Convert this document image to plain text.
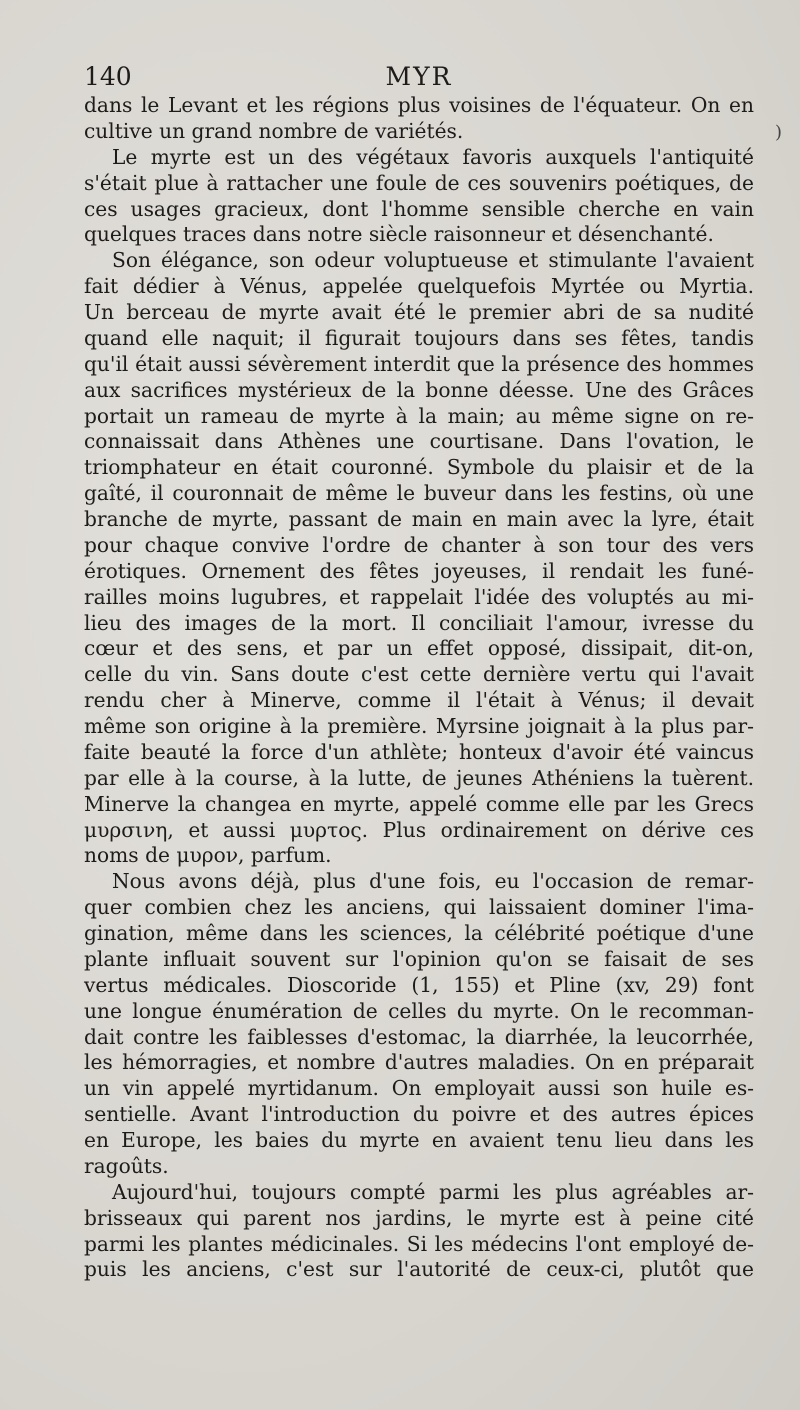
140	MYR
)
dans le Levant et les régions plus voisines de l'équateur. On en
cultive un grand nombre de variétés.
Le myrte est un des végétaux favoris auxquels l'antiquité
s'était plue à rattacher une foule de ces souvenirs poétiques, de
ces usages gracieux, dont l'homme sensible cherche en vain
quelques traces dans notre siècle raisonneur et désenchanté.
Son élégance, son odeur voluptueuse et stimulante l'avaient
fait dédier à Vénus, appelée quelquefois Myrtée ou Myrtia.
Un berceau de myrte avait été le premier abri de sa nudité
quand elle naquit; il figurait toujours dans ses fêtes, tandis
qu'il était aussi sévèrement interdit que la présence des hommes
aux sacrifices mystérieux de la bonne déesse. Une des Grâces
portait un rameau de myrte à la main; au même signe on re-
connaissait dans Athènes une courtisane. Dans l'ovation, le
triomphateur en était couronné. Symbole du plaisir et de la
gaîté, il couronnait de même le buveur dans les festins, où une
branche de myrte, passant de main en main avec la lyre, était
pour chaque convive l'ordre de chanter à son tour des vers
érotiques. Ornement des fêtes joyeuses, il rendait les funé-
railles moins lugubres, et rappelait l'idée des voluptés au mi-
lieu des images de la mort. Il conciliait l'amour, ivresse du
cœur et des sens, et par un effet opposé, dissipait, dit-on,
celle du vin. Sans doute c'est cette dernière vertu qui l'avait
rendu cher à Minerve, comme il l'était à Vénus; il devait
même son origine à la première. Myrsine joignait à la plus par-
faite beauté la force d'un athlète; honteux d'avoir été vaincus
par elle à la course, à la lutte, de jeunes Athéniens la tuèrent.
Minerve la changea en myrte, appelé comme elle par les Grecs
μυρσινη, et aussi μυρτος. Plus ordinairement on dérive ces
noms de μυρον, parfum.
Nous avons déjà, plus d'une fois, eu l'occasion de remar-
quer combien chez les anciens, qui laissaient dominer l'ima-
gination, même dans les sciences, la célébrité poétique d'une
plante influait souvent sur l'opinion qu'on se faisait de ses
vertus médicales. Dioscoride (1, 155) et Pline (xv, 29) font
une longue énumération de celles du myrte. On le recomman-
dait contre les faiblesses d'estomac, la diarrhée, la leucorrhée,
les hémorragies, et nombre d'autres maladies. On en préparait
un vin appelé myrtidanum. On employait aussi son huile es-
sentielle. Avant l'introduction du poivre et des autres épices
en Europe, les baies du myrte en avaient tenu lieu dans les
ragoûts.
Aujourd'hui, toujours compté parmi les plus agréables ar-
brisseaux qui parent nos jardins, le myrte est à peine cité
parmi les plantes médicinales. Si les médecins l'ont employé de-
puis les anciens, c'est sur l'autorité de ceux-ci, plutôt que
